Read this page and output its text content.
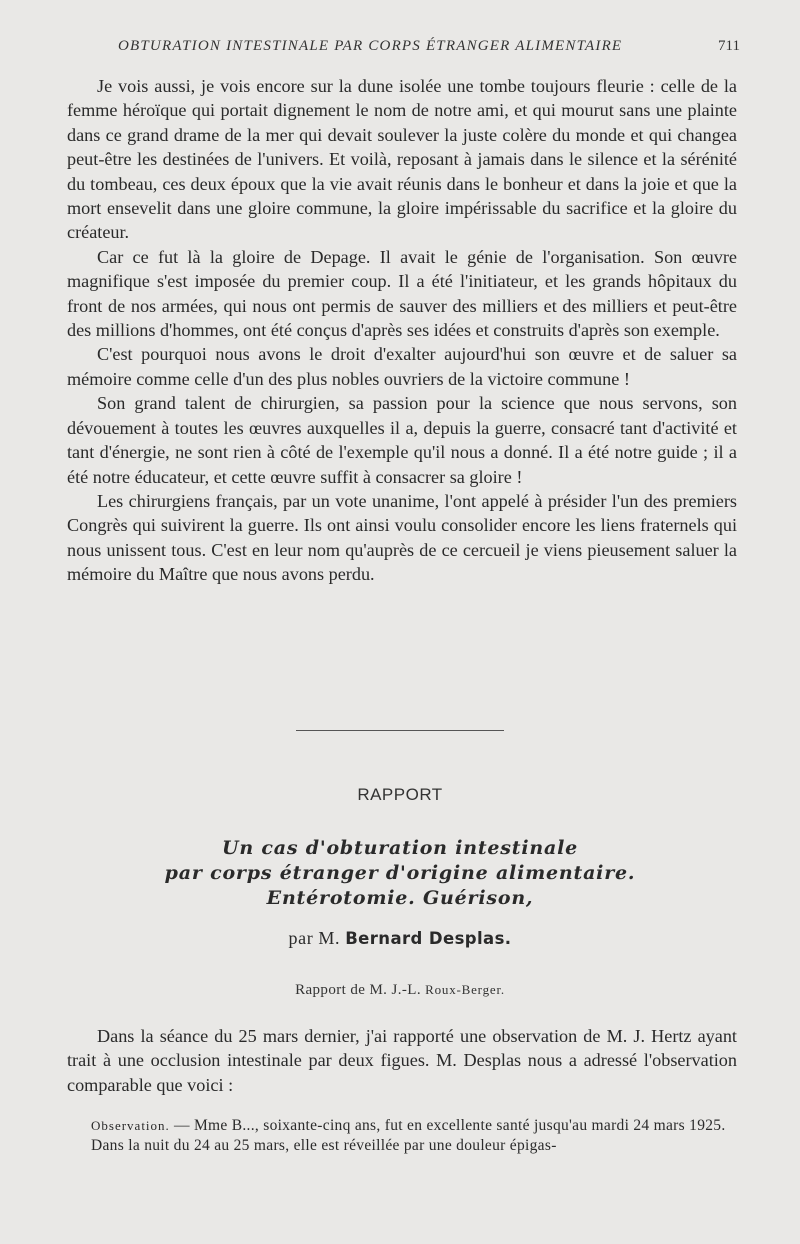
OBTURATION INTESTINALE PAR CORPS ÉTRANGER ALIMENTAIRE	711

Je vois aussi, je vois encore sur la dune isolée une tombe toujours fleurie : celle de la femme héroïque qui portait dignement le nom de notre ami, et qui mourut sans une plainte dans ce grand drame de la mer qui devait soulever la juste colère du monde et qui changea peut-être les destinées de l'univers. Et voilà, reposant à jamais dans le silence et la sérénité du tombeau, ces deux époux que la vie avait réunis dans le bonheur et dans la joie et que la mort ensevelit dans une gloire commune, la gloire impérissable du sacrifice et la gloire du créateur.

Car ce fut là la gloire de Depage. Il avait le génie de l'organisation. Son œuvre magnifique s'est imposée du premier coup. Il a été l'initiateur, et les grands hôpitaux du front de nos armées, qui nous ont permis de sauver des milliers et des milliers et peut-être des millions d'hommes, ont été conçus d'après ses idées et construits d'après son exemple.

C'est pourquoi nous avons le droit d'exalter aujourd'hui son œuvre et de saluer sa mémoire comme celle d'un des plus nobles ouvriers de la victoire commune !

Son grand talent de chirurgien, sa passion pour la science que nous servons, son dévouement à toutes les œuvres auxquelles il a, depuis la guerre, consacré tant d'activité et tant d'énergie, ne sont rien à côté de l'exemple qu'il nous a donné. Il a été notre guide ; il a été notre éducateur, et cette œuvre suffit à consacrer sa gloire !

Les chirurgiens français, par un vote unanime, l'ont appelé à présider l'un des premiers Congrès qui suivirent la guerre. Ils ont ainsi voulu consolider encore les liens fraternels qui nous unissent tous. C'est en leur nom qu'auprès de ce cercueil je viens pieusement saluer la mémoire du Maître que nous avons perdu.

RAPPORT
Un cas d'obturation intestinale
par corps étranger d'origine alimentaire.
Entérotomie. Guérison,
par M. Bernard Desplas.
Rapport de M. J.-L. Roux-Berger.

Dans la séance du 25 mars dernier, j'ai rapporté une observation de M. J. Hertz ayant trait à une occlusion intestinale par deux figues. M. Desplas nous a adressé l'observation comparable que voici :

Observation. — Mme B..., soixante-cinq ans, fut en excellente santé jusqu'au mardi 24 mars 1925.

Dans la nuit du 24 au 25 mars, elle est réveillée par une douleur épigas-
